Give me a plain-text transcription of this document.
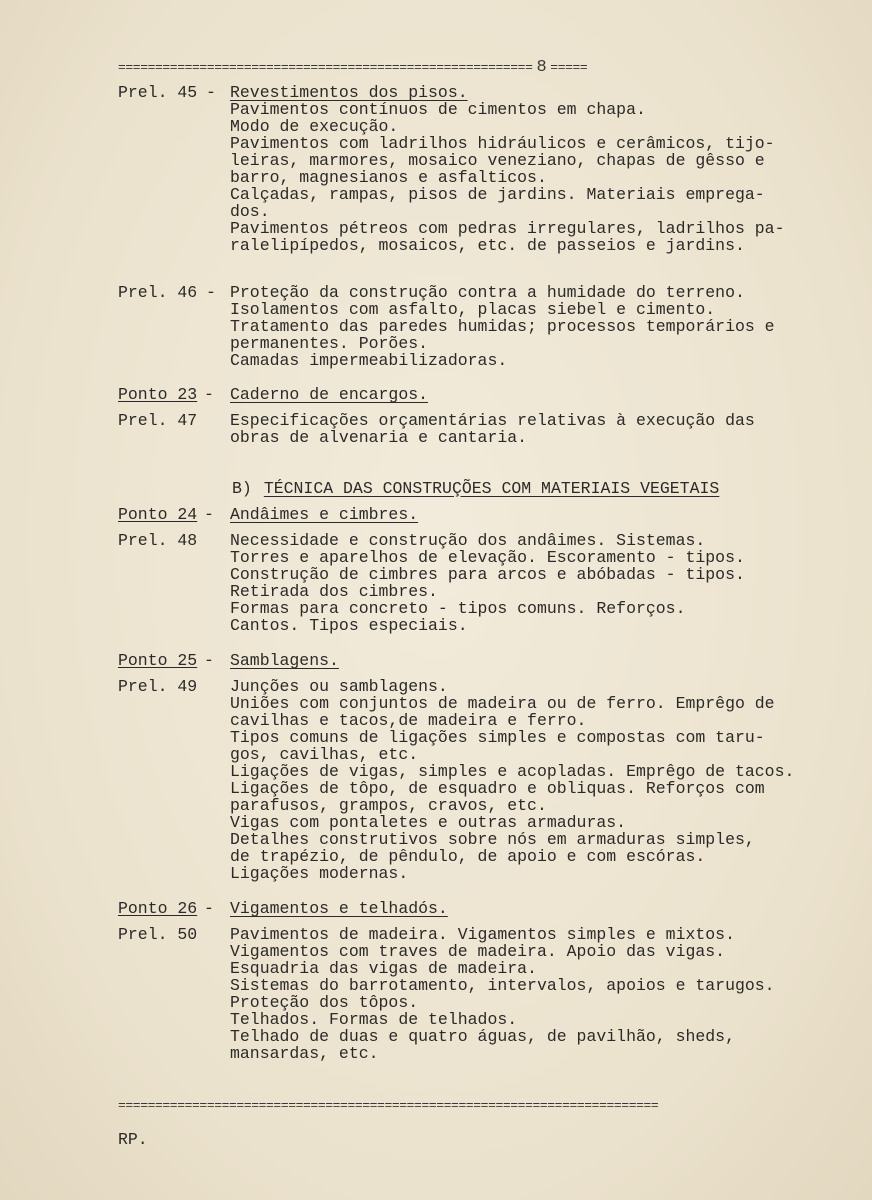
======================================================== 8 =====
Prel. 45 - Revestimentos dos pisos.
Pavimentos contínuos de cimentos em chapa.
Modo de execução.
Pavimentos com ladrilhos hidráulicos e cerâmicos, tijo-
leiras, marmores, mosaico veneziano, chapas de gêsso e
barro, magnesianos e asfalticos.
Calçadas, rampas, pisos de jardins. Materiais emprega-
dos.
Pavimentos pétreos com pedras irregulares, ladrilhos pa-
ralelipípedos, mosaicos, etc. de passeios e jardins.
Prel. 46 - Proteção da construção contra a humidade do terreno.
Isolamentos com asfalto, placas siebel e cimento.
Tratamento das paredes humidas; processos temporários e
permanentes. Porões.
Camadas impermeabilizadoras.
Ponto 23 - Caderno de encargos.
Prel. 47	Especificações orçamentárias relativas à execução das
obras de alvenaria e cantaria.
B) TÉCNICA DAS CONSTRUÇÕES COM MATERIAIS VEGETAIS
Ponto 24 - Andâimes e cimbres.
Prel. 48	Necessidade e construção dos andâimes. Sistemas.
Torres e aparelhos de elevação. Escoramento - tipos.
Construção de cimbres para arcos e abóbadas - tipos.
Retirada dos cimbres.
Formas para concreto - tipos comuns. Reforços.
Cantos. Tipos especiais.
Ponto 25 - Samblagens.
Prel. 49	Junções ou samblagens.
Uniões com conjuntos de madeira ou de ferro. Emprêgo de
cavilhas e tacos,de madeira e ferro.
Tipos comuns de ligações simples e compostas com taru-
gos, cavilhas, etc.
Ligações de vigas, simples e acopladas. Emprêgo de tacos.
Ligações de tôpo, de esquadro e obliquas. Reforços com
parafusos, grampos, cravos, etc.
Vigas com pontaletes e outras armaduras.
Detalhes construtivos sobre nós em armaduras simples,
de trapézio, de pêndulo, de apoio e com escóras.
Ligações modernas.
Ponto 26 - Vigamentos e telhadós.
Prel. 50	Pavimentos de madeira. Vigamentos simples e mixtos.
Vigamentos com traves de madeira. Apoio das vigas.
Esquadria das vigas de madeira.
Sistemas do barrotamento, intervalos, apoios e tarugos.
Proteção dos tôpos.
Telhados. Formas de telhados.
Telhado de duas e quatro águas, de pavilhão, sheds,
mansardas, etc.
=========================================================================
RP.
